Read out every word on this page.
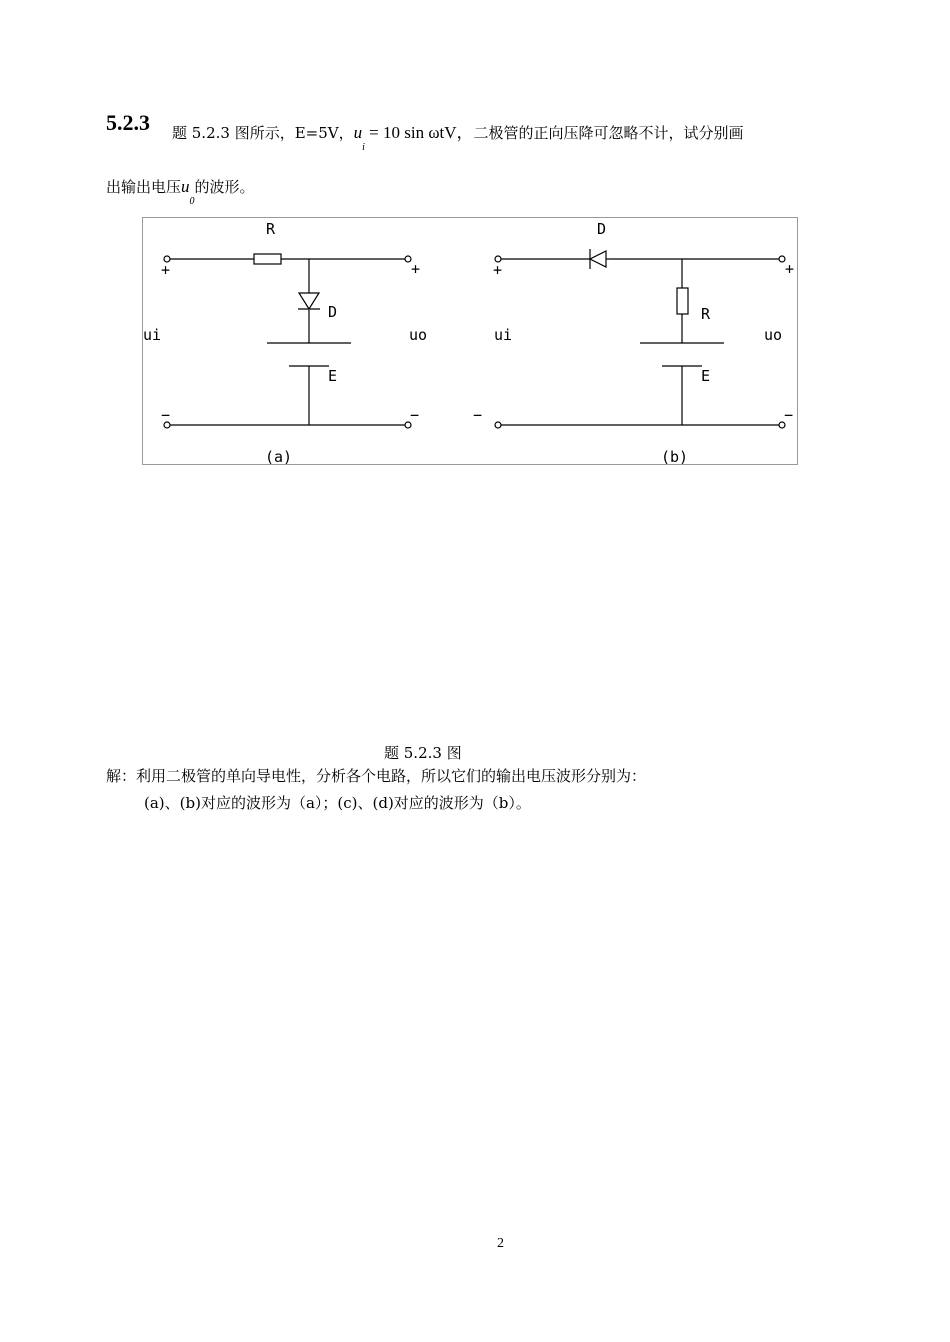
5.2.3 题 5.2.3 图所示，E=5V，$u_i = 10$ sin ωtV，二极管的正向压降可忽略不计，试分别画
出输出电压$u_0$的波形。
R
D
E
ui	uo
+	+
−	−
(a)
D
R
E
ui	uo
+	+
−	−
(b)
题 5.2.3 图
解：利用二极管的单向导电性，分析各个电路，所以它们的输出电压波形分别为：
(a)、(b)对应的波形为（a）；(c)、(d)对应的波形为（b）。
2
